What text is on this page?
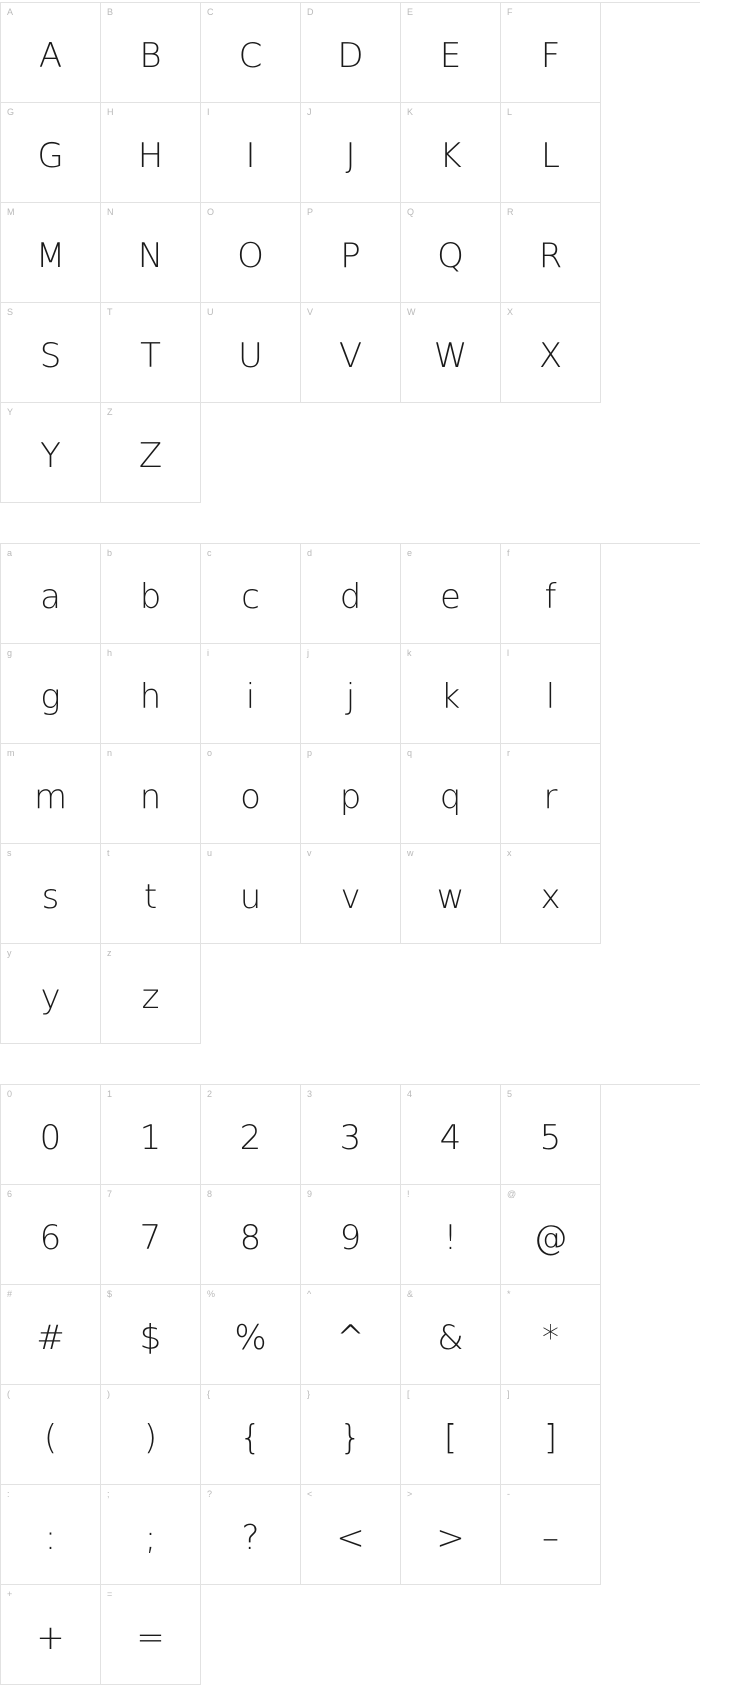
A
A
B
B
C
C
D
D
E
E
F
F
G
G
H
H
I
I
J
J
K
K
L
L
M
M
N
N
O
O
P
P
Q
Q
R
R
S
S
T
T
U
U
V
V
W
W
X
X
Y
Y
Z
Z
a
a
b
b
c
c
d
d
e
e
f
f
g
g
h
h
i
i
j
j
k
k
l
l
m
m
n
n
o
o
p
p
q
q
r
r
s
s
t
t
u
u
v
v
w
w
x
x
y
y
z
z
0
0
1
1
2
2
3
3
4
4
5
5
6
6
7
7
8
8
9
9
!
!
@
@
#
#
$
$
%
%
^
^
&
&
*
*
(
(
)
)
{
{
}
}
[
[
]
]
:
:
;
;
?
?
<
<
>
>
-
–
+
+
=
=
